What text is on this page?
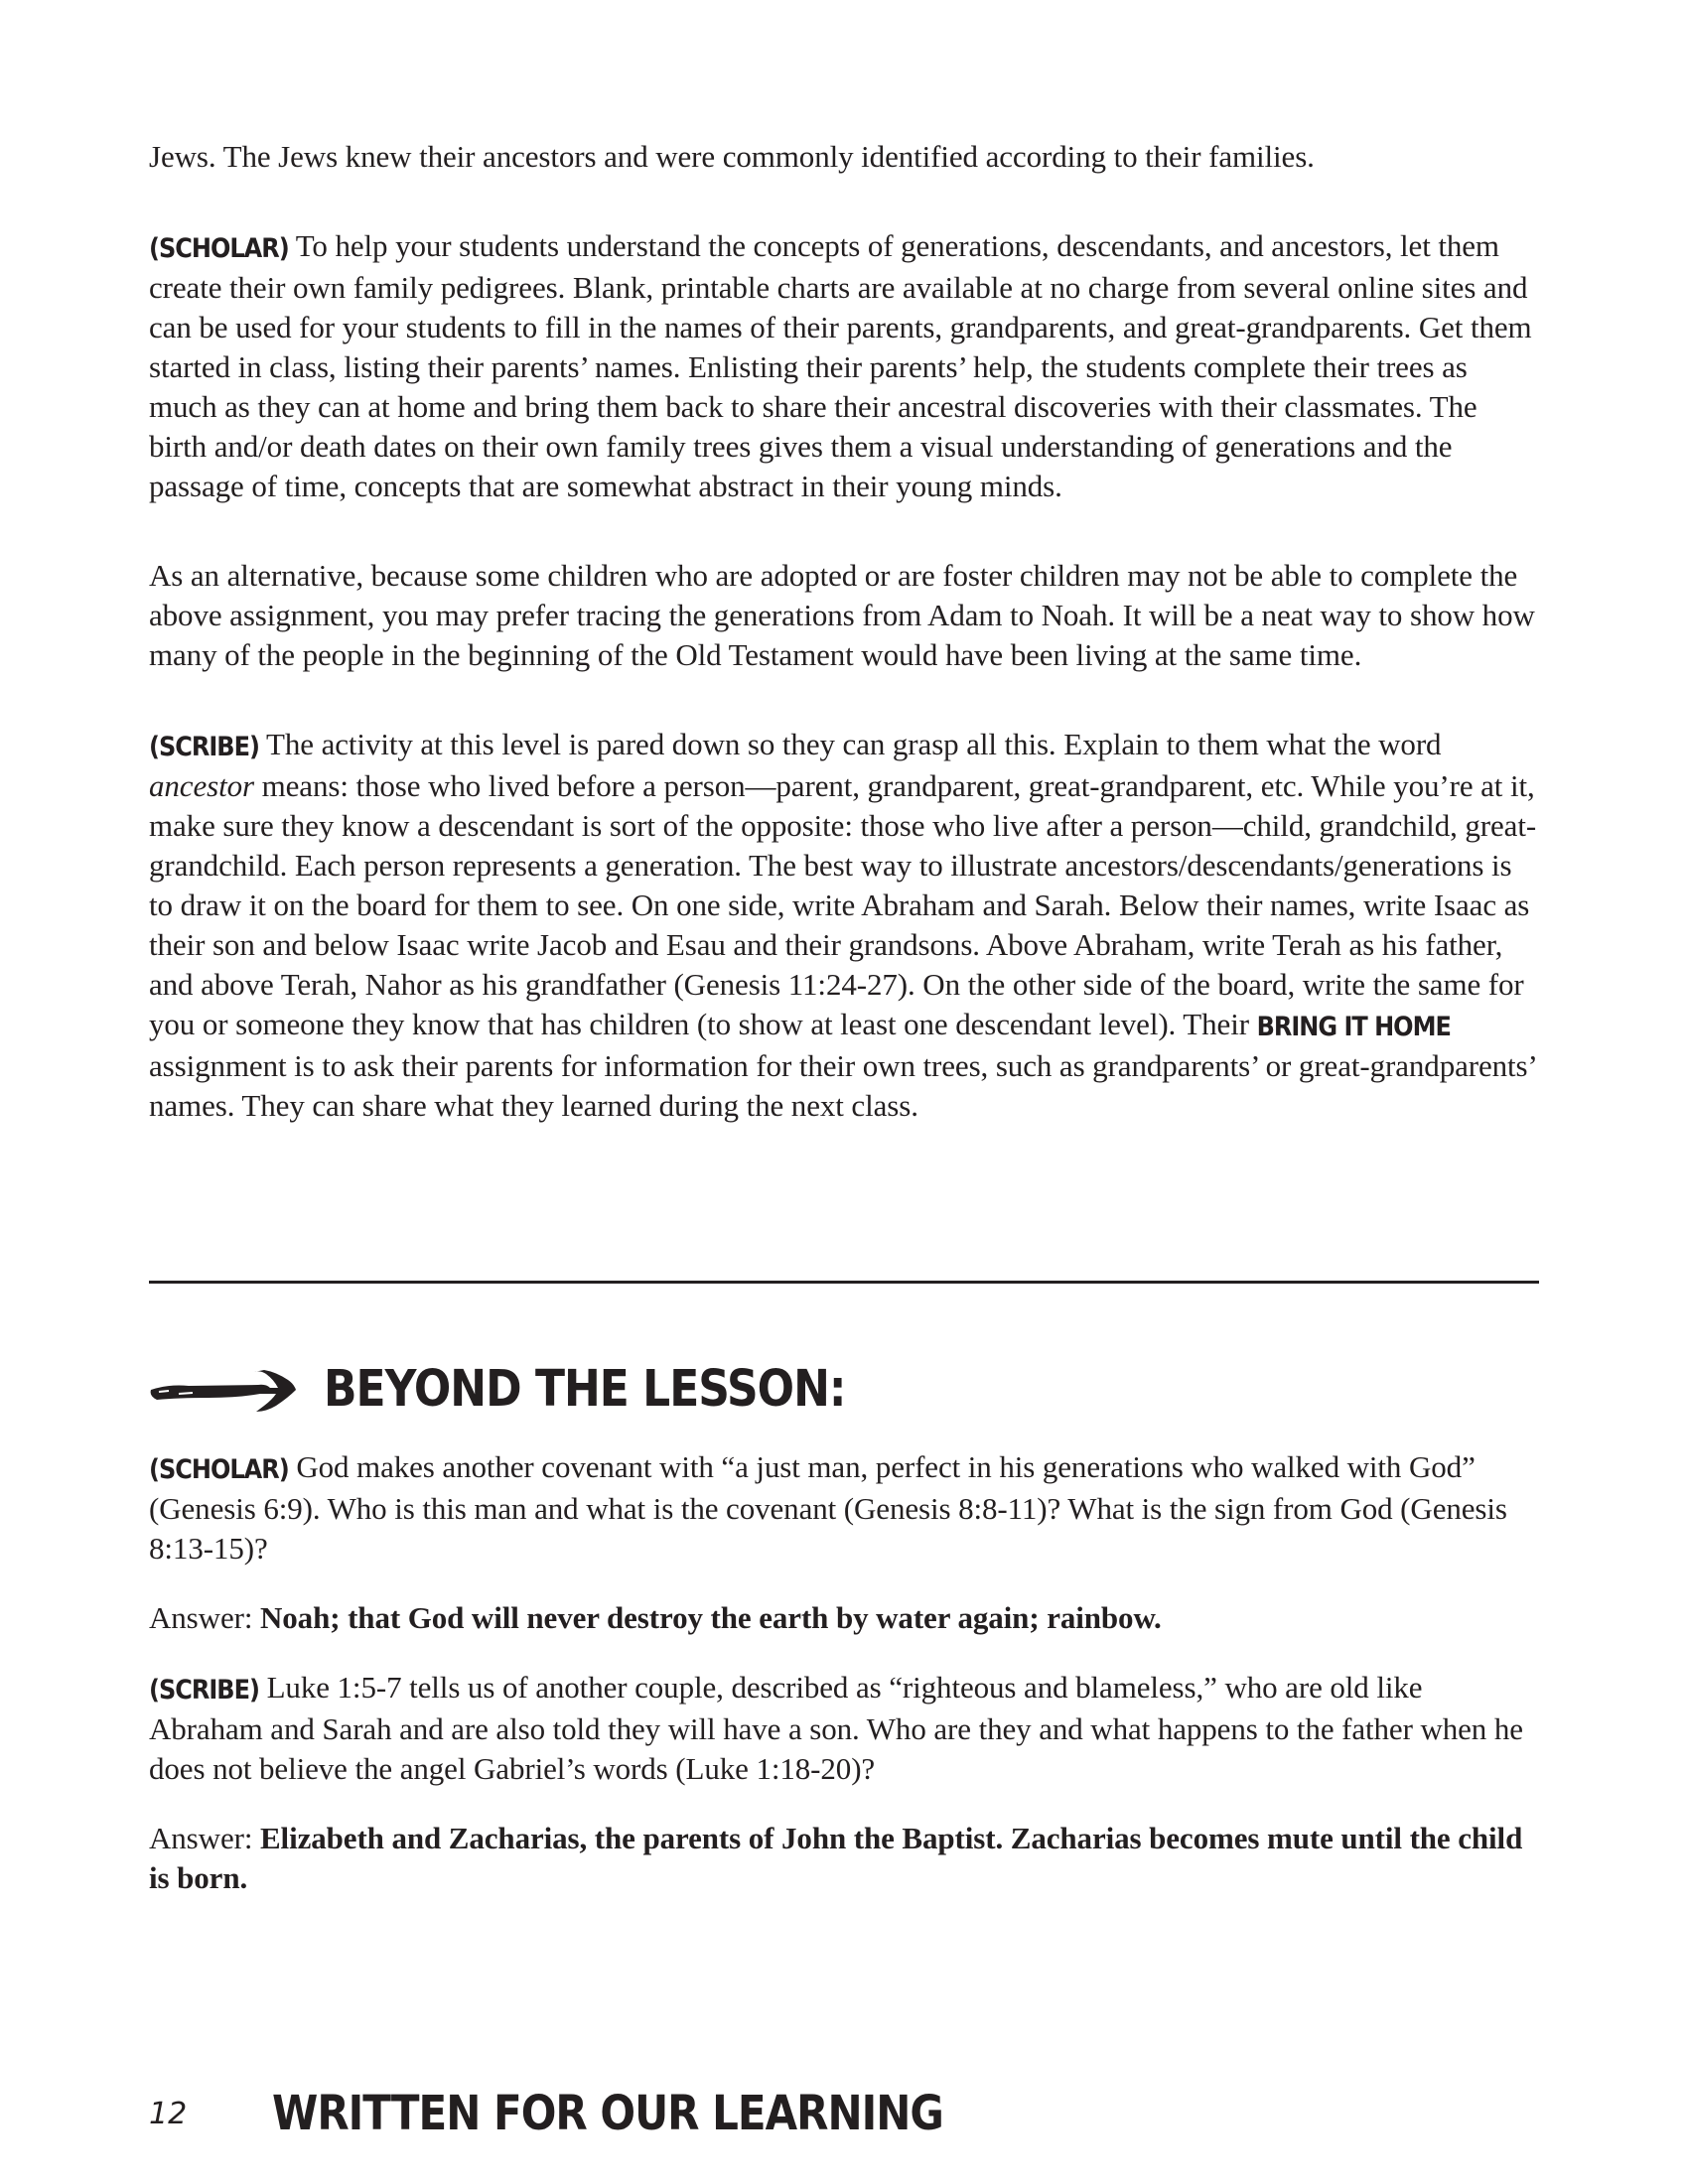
Jews. The Jews knew their ancestors and were commonly identified according to their families.

(SCHOLAR) To help your students understand the concepts of generations, descendants, and ancestors, let them create their own family pedigrees. Blank, printable charts are available at no charge from several online sites and can be used for your students to fill in the names of their parents, grandparents, and great-grandparents. Get them started in class, listing their parents’ names. Enlisting their parents’ help, the students complete their trees as much as they can at home and bring them back to share their ancestral discoveries with their classmates. The birth and/or death dates on their own family trees gives them a visual understanding of generations and the passage of time, concepts that are somewhat abstract in their young minds.

As an alternative, because some children who are adopted or are foster children may not be able to complete the above assignment, you may prefer tracing the generations from Adam to Noah. It will be a neat way to show how many of the people in the beginning of the Old Testament would have been living at the same time.

(SCRIBE) The activity at this level is pared down so they can grasp all this. Explain to them what the word ancestor means: those who lived before a person—parent, grandparent, great-grandparent, etc. While you’re at it, make sure they know a descendant is sort of the opposite: those who live after a person—child, grandchild, great-grandchild. Each person represents a generation. The best way to illustrate ancestors/descendants/generations is to draw it on the board for them to see. On one side, write Abraham and Sarah. Below their names, write Isaac as their son and below Isaac write Jacob and Esau and their grandsons. Above Abraham, write Terah as his father, and above Terah, Nahor as his grandfather (Genesis 11:24-27). On the other side of the board, write the same for you or someone they know that has children (to show at least one descendant level). Their BRING IT HOME assignment is to ask their parents for information for their own trees, such as grandparents’ or great-grandparents’ names. They can share what they learned during the next class.

BEYOND THE LESSON:

(SCHOLAR) God makes another covenant with “a just man, perfect in his generations who walked with God” (Genesis 6:9). Who is this man and what is the covenant (Genesis 8:8-11)? What is the sign from God (Genesis 8:13-15)?

Answer: Noah; that God will never destroy the earth by water again; rainbow.

(SCRIBE) Luke 1:5-7 tells us of another couple, described as “righteous and blameless,” who are old like Abraham and Sarah and are also told they will have a son. Who are they and what happens to the father when he does not believe the angel Gabriel’s words (Luke 1:18-20)?

Answer: Elizabeth and Zacharias, the parents of John the Baptist. Zacharias becomes mute until the child is born.

12 WRITTEN FOR OUR LEARNING
